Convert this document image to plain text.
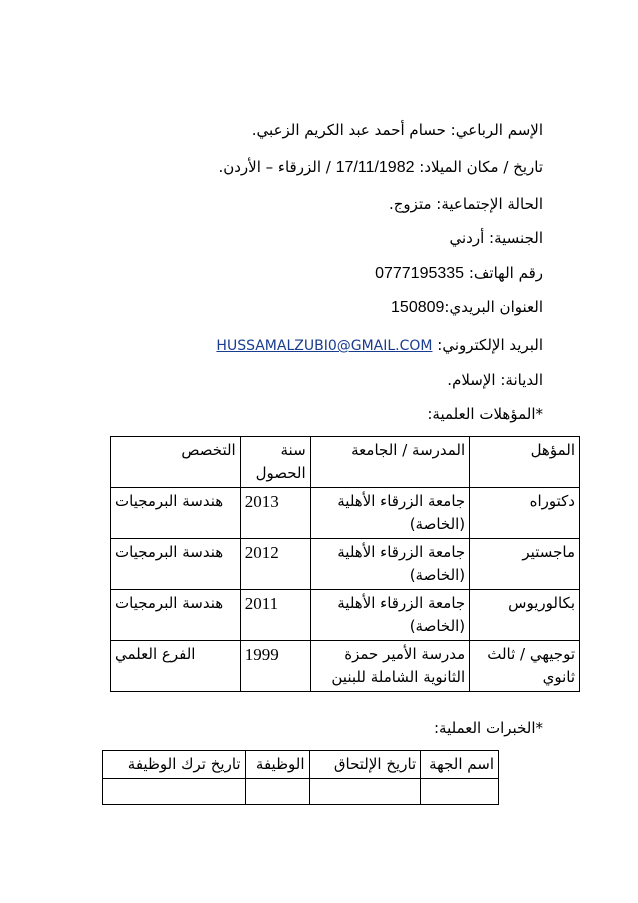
الإسم الرباعي: حسام أحمد عبد الكريم الزعبي.
تاريخ / مكان الميلاد: 17/11/1982 / الزرقاء – الأردن.
الحالة الإجتماعية: متزوج.
الجنسية: أردني
رقم الهاتف: 0777195335
العنوان البريدي:150809
البريد الإلكتروني: HUSSAMALZUBI0@GMAIL.COM
الديانة: الإسلام.
*المؤهلات العلمية:
المؤهل	المدرسة / الجامعة	سنة الحصول	التخصص
دكتوراه	جامعة الزرقاء الأهلية (الخاصة)	2013	هندسة البرمجيات
ماجستير	جامعة الزرقاء الأهلية (الخاصة)	2012	هندسة البرمجيات
بكالوريوس	جامعة الزرقاء الأهلية (الخاصة)	2011	هندسة البرمجيات
توجيهي / ثالث ثانوي	مدرسة الأمير حمزة الثانوية الشاملة للبنين	1999	الفرع العلمي
*الخبرات العملية:
اسم الجهة	تاريخ الإلتحاق	الوظيفة	تاريخ ترك الوظيفة
